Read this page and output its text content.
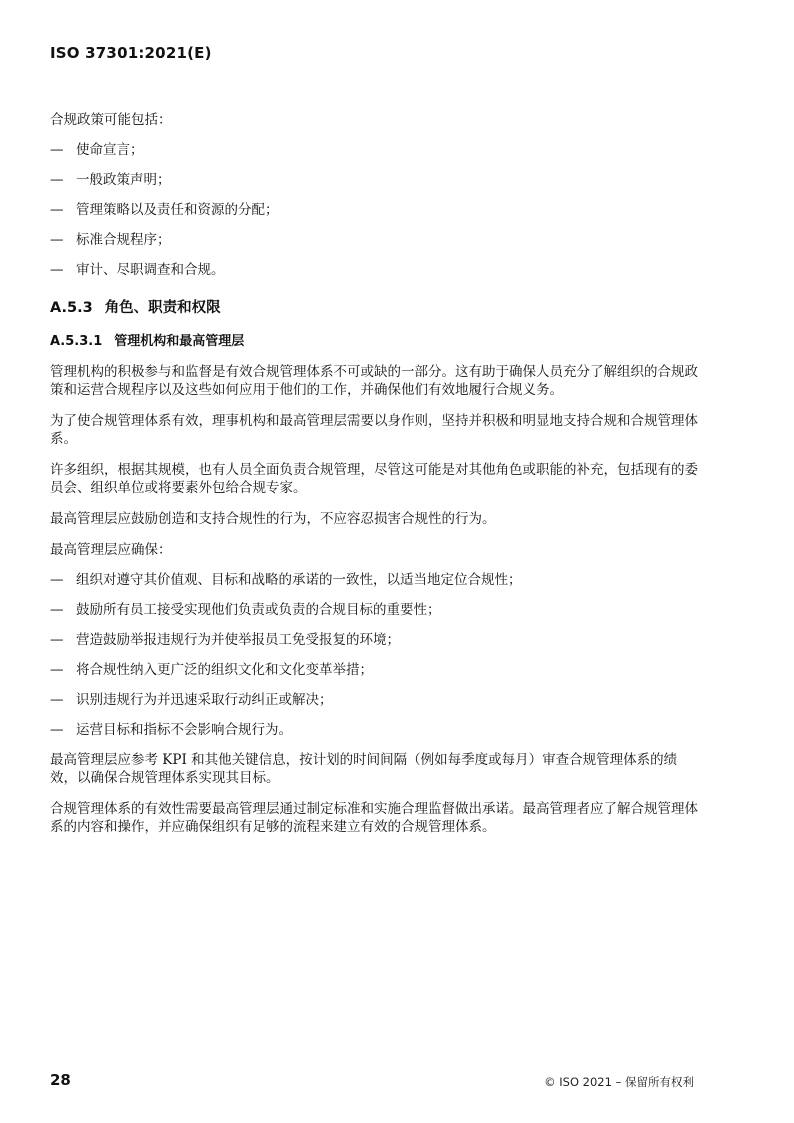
ISO 37301:2021(E)

合规政策可能包括：

— 使命宣言；
— 一般政策声明；
— 管理策略以及责任和资源的分配；
— 标准合规程序；
— 审计、尽职调查和合规。
A.5.3 角色、职责和权限
A.5.3.1 管理机构和最高管理层

管理机构的积极参与和监督是有效合规管理体系不可或缺的一部分。这有助于确保人员充分了解组织的合规政策和运营合规程序以及这些如何应用于他们的工作，并确保他们有效地履行合规义务。

为了使合规管理体系有效，理事机构和最高管理层需要以身作则，坚持并积极和明显地支持合规和合规管理体系。

许多组织，根据其规模，也有人员全面负责合规管理，尽管这可能是对其他角色或职能的补充，包括现有的委员会、组织单位或将要素外包给合规专家。

最高管理层应鼓励创造和支持合规性的行为，不应容忍损害合规性的行为。

最高管理层应确保：

— 组织对遵守其价值观、目标和战略的承诺的一致性，以适当地定位合规性；
— 鼓励所有员工接受实现他们负责或负责的合规目标的重要性；
— 营造鼓励举报违规行为并使举报员工免受报复的环境；
— 将合规性纳入更广泛的组织文化和文化变革举措；
— 识别违规行为并迅速采取行动纠正或解决；
— 运营目标和指标不会影响合规行为。

最高管理层应参考 KPI 和其他关键信息，按计划的时间间隔（例如每季度或每月）审查合规管理体系的绩效，以确保合规管理体系实现其目标。

合规管理体系的有效性需要最高管理层通过制定标准和实施合理监督做出承诺。最高管理者应了解合规管理体系的内容和操作，并应确保组织有足够的流程来建立有效的合规管理体系。

28	© ISO 2021 – 保留所有权利
